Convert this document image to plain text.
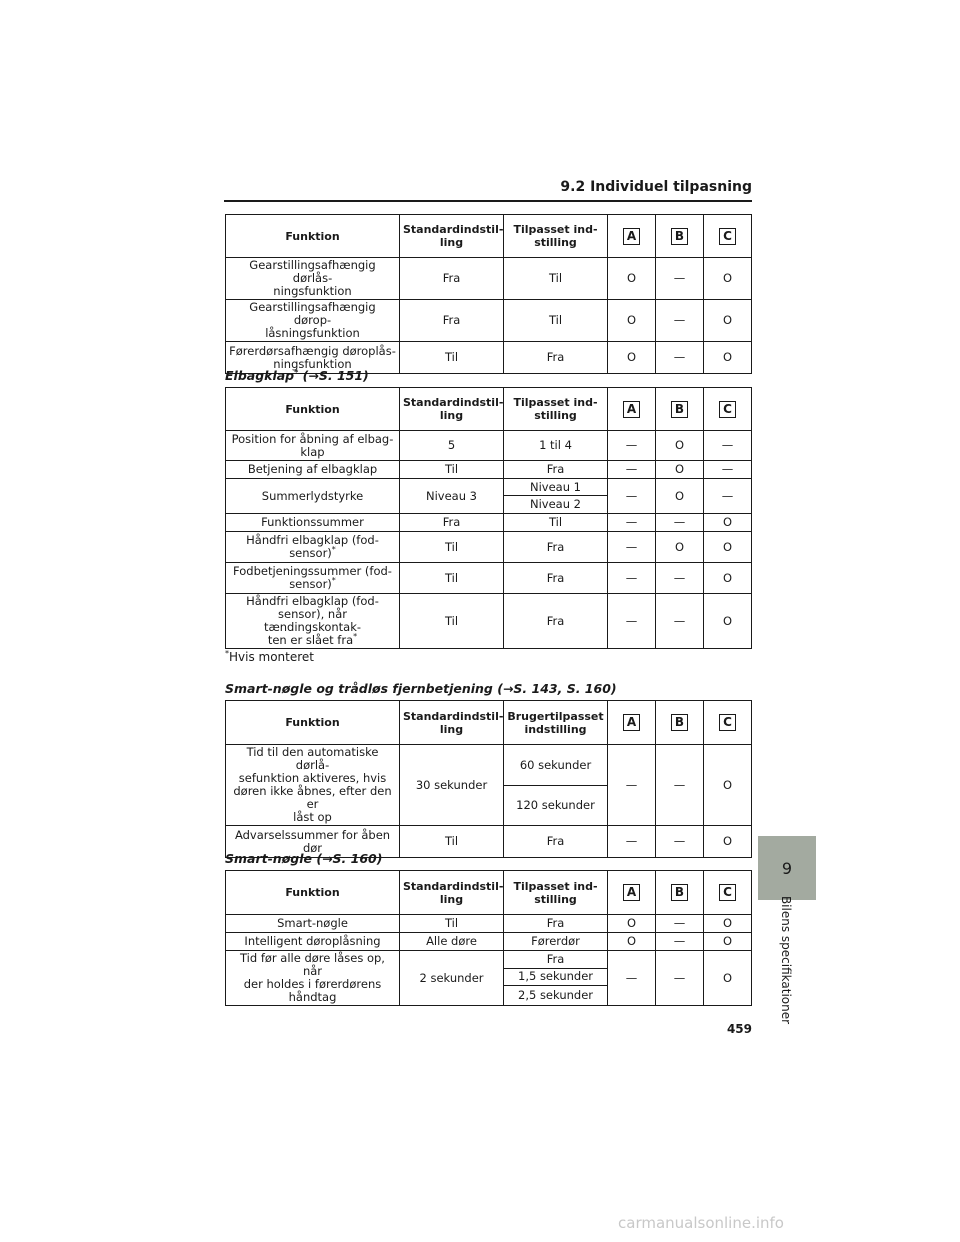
9.2 Individuel tilpasning
Funktion	Standardindstil-
ling	Tilpasset ind-
stilling	A	B	C
Gearstillingsafhængig dørlås-
ningsfunktion	Fra	Til	O	—	O
Gearstillingsafhængig dørop-
låsningsfunktion	Fra	Til	O	—	O
Førerdørsafhængig døroplås-
ningsfunktion	Til	Fra	O	—	O
Elbagklap* (→S. 151)
Funktion	Standardindstil-
ling	Tilpasset ind-
stilling	A	B	C
Position for åbning af elbag-
klap	5	1 til 4	—	O	—
Betjening af elbagklap	Til	Fra	—	O	—
Summerlydstyrke	Niveau 3	Niveau 1	—	O	—
		Niveau 2			
Funktionssummer	Fra	Til	—	—	O
Håndfri elbagklap (fod-
sensor)*	Til	Fra	—	O	O
Fodbetjeningssummer (fod-
sensor)*	Til	Fra	—	—	O
Håndfri elbagklap (fod-
sensor), når tændingskontak-
ten er slået fra*	Til	Fra	—	—	O
*Hvis monteret
Smart-nøgle og trådløs fjernbetjening (→S. 143, S. 160)
Funktion	Standardindstil-
ling	Brugertilpasset
indstilling	A	B	C
Tid til den automatiske dørlå-
sefunktion aktiveres, hvis
døren ikke åbnes, efter den er
låst op	30 sekunder	60 sekunder	—	—	O
		120 sekunder			
Advarselssummer for åben
dør	Til	Fra	—	—	O
Smart-nøgle (→S. 160)
Funktion	Standardindstil-
ling	Tilpasset ind-
stilling	A	B	C
Smart-nøgle	Til	Fra	O	—	O
Intelligent døroplåsning	Alle døre	Førerdør	O	—	O
Tid før alle døre låses op, når
der holdes i førerdørens
håndtag	2 sekunder	Fra	—	—	O
		1,5 sekunder			
		2,5 sekunder			
9
Bilens specifikationer
459
carmanualsonline.info
